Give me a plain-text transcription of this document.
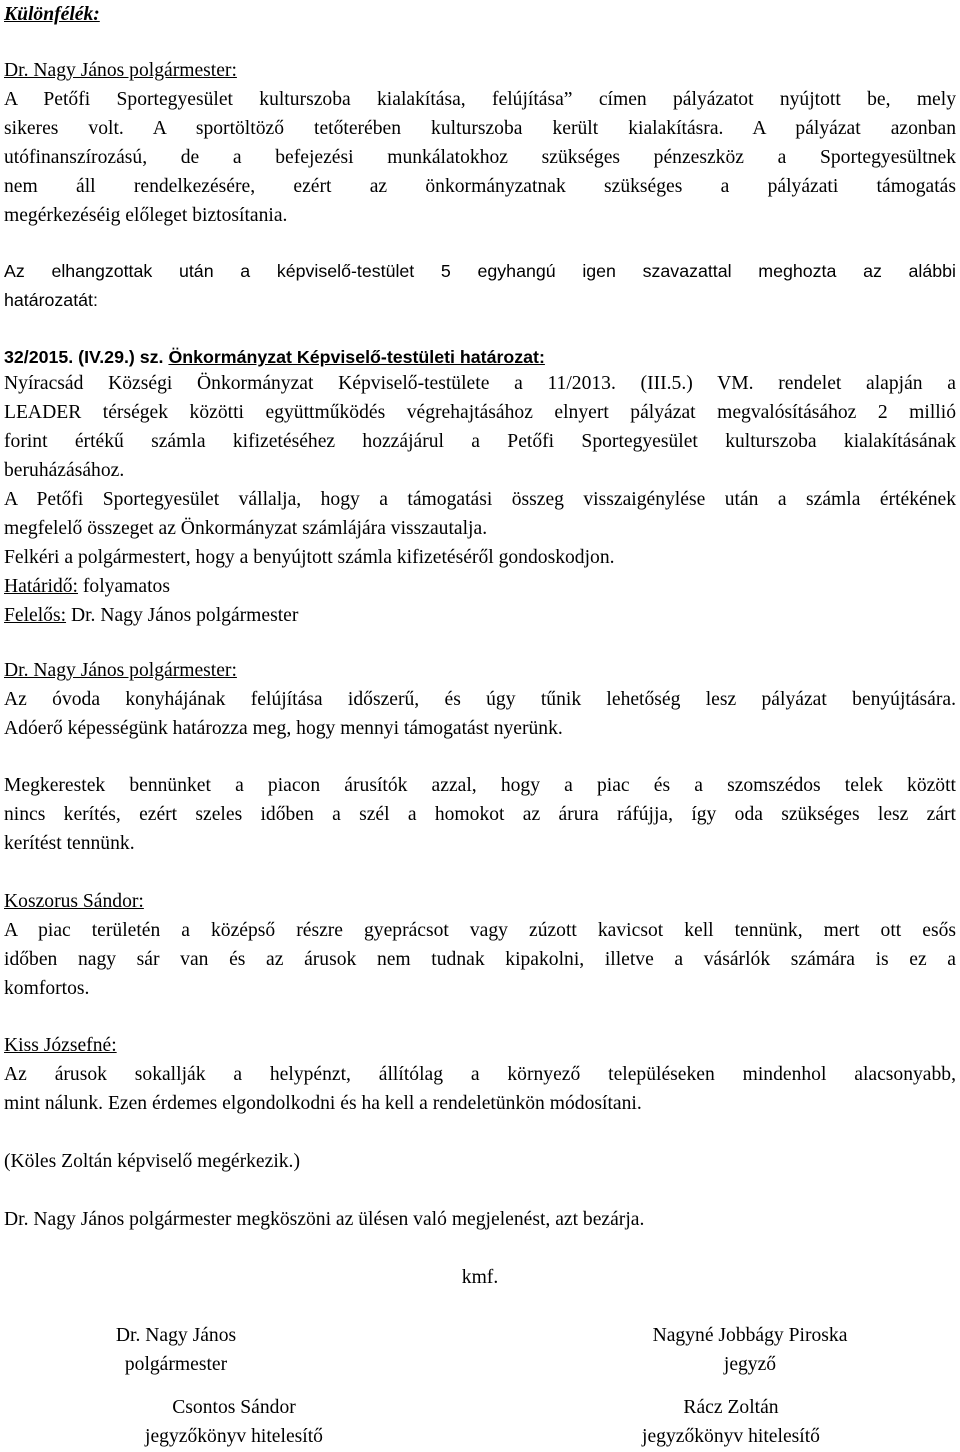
Különfélék:
Dr. Nagy János polgármester:
A Petőfi Sportegyesület kulturszoba kialakítása, felújítása” címen pályázatot nyújtott be, mely
sikeres volt. A sportöltöző tetőterében kulturszoba került kialakításra. A pályázat azonban
utófinanszírozású, de a befejezési munkálatokhoz szükséges pénzeszköz a Sportegyesültnek
nem áll rendelkezésére, ezért az önkormányzatnak szükséges a pályázati támogatás
megérkezéséig előleget biztosítania.
Az elhangzottak után a képviselő-testület 5 egyhangú igen szavazattal meghozta az alábbi
határozatát:
32/2015. (IV.29.) sz. Önkormányzat Képviselő-testületi határozat:
Nyíracsád Községi Önkormányzat Képviselő-testülete a 11/2013. (III.5.) VM. rendelet alapján a
LEADER térségek közötti együttműködés végrehajtásához elnyert pályázat megvalósításához 2 millió
forint értékű számla kifizetéséhez hozzájárul a Petőfi Sportegyesület kulturszoba kialakításának
beruházásához.
A Petőfi Sportegyesület vállalja, hogy a támogatási összeg visszaigénylése után a számla értékének
megfelelő összeget az Önkormányzat számlájára visszautalja.
Felkéri a polgármestert, hogy a benyújtott számla kifizetéséről gondoskodjon.
Határidő: folyamatos
Felelős: Dr. Nagy János polgármester
Dr. Nagy János polgármester:
Az óvoda konyhájának felújítása időszerű, és úgy tűnik lehetőség lesz pályázat benyújtására.
Adóerő képességünk határozza meg, hogy mennyi támogatást nyerünk.
Megkerestek bennünket a piacon árusítók azzal, hogy a piac és a szomszédos telek között
nincs kerítés, ezért szeles időben a szél a homokot az árura ráfújja, így oda szükséges lesz zárt
kerítést tennünk.
Koszorus Sándor:
A piac területén a középső részre gyeprácsot vagy zúzott kavicsot kell tennünk, mert ott esős
időben nagy sár van és az árusok nem tudnak kipakolni, illetve a vásárlók számára is ez a
komfortos.
Kiss Józsefné:
Az árusok sokallják a helypénzt, állítólag a környező településeken mindenhol alacsonyabb,
mint nálunk. Ezen érdemes elgondolkodni és ha kell a rendeletünkön módosítani.
(Köles Zoltán képviselő megérkezik.)
Dr. Nagy János polgármester megköszöni az ülésen való megjelenést, azt bezárja.
kmf.
Dr. Nagy János
polgármester
Nagyné Jobbágy Piroska
jegyző
Csontos Sándor
jegyzőkönyv hitelesítő
Rácz Zoltán
jegyzőkönyv hitelesítő
